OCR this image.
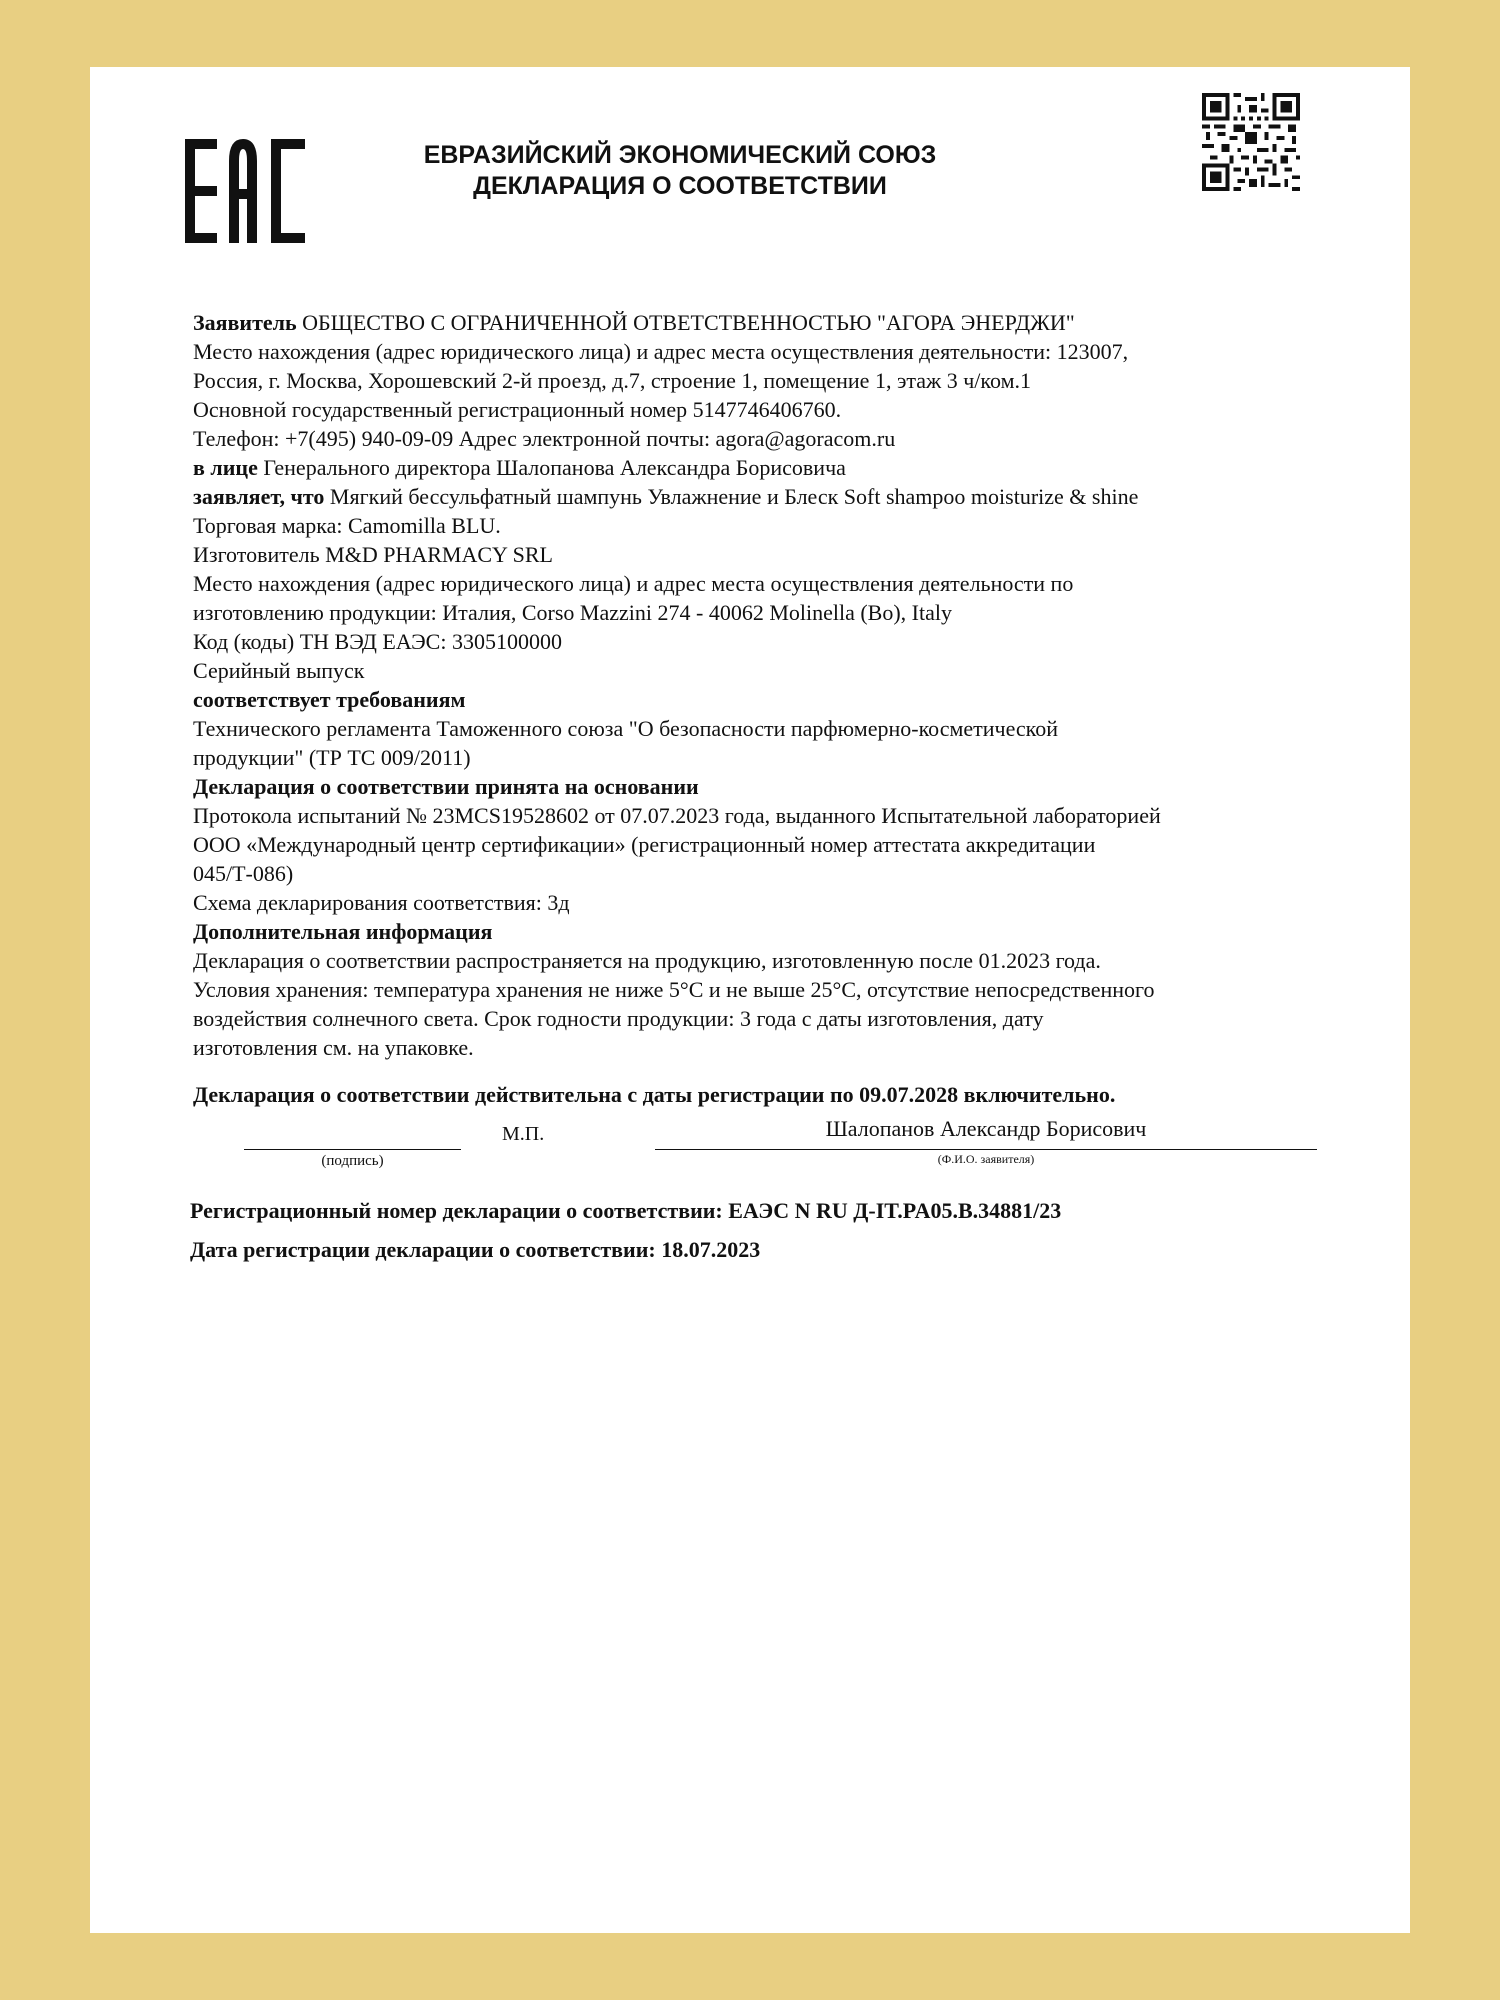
ЕВРАЗИЙСКИЙ ЭКОНОМИЧЕСКИЙ СОЮЗ
ДЕКЛАРАЦИЯ О СООТВЕТСТВИИ
Заявитель ОБЩЕСТВО С ОГРАНИЧЕННОЙ ОТВЕТСТВЕННОСТЬЮ "АГОРА ЭНЕРДЖИ"
Место нахождения (адрес юридического лица) и адрес места осуществления деятельности: 123007,
Россия, г. Москва, Хорошевский 2-й проезд, д.7, строение 1, помещение 1, этаж 3 ч/ком.1
Основной государственный регистрационный номер 5147746406760.
Телефон: +7(495) 940-09-09 Адрес электронной почты: agora@agoracom.ru
в лице Генерального директора Шалопанова Александра Борисовича
заявляет, что Мягкий бессульфатный шампунь Увлажнение и Блеск Soft shampoo moisturize & shine
Торговая марка: Camomilla BLU.
Изготовитель M&D PHARMACY SRL
Место нахождения (адрес юридического лица) и адрес места осуществления деятельности по
изготовлению продукции: Италия, Corso Mazzini 274 - 40062 Molinella (Bo), Italy
Код (коды) ТН ВЭД ЕАЭС: 3305100000
Серийный выпуск
соответствует требованиям
Технического регламента Таможенного союза "О безопасности парфюмерно-косметической
продукции" (ТР ТС 009/2011)
Декларация о соответствии принята на основании
Протокола испытаний № 23MCS19528602 от 07.07.2023 года, выданного Испытательной лабораторией
ООО «Международный центр сертификации» (регистрационный номер аттестата аккредитации
045/Т-086)
Схема декларирования соответствия: 3д
Дополнительная информация
Декларация о соответствии распространяется на продукцию, изготовленную после 01.2023 года.
Условия хранения: температура хранения не ниже 5°С и не выше 25°С, отсутствие непосредственного
воздействия солнечного света. Срок годности продукции: 3 года с даты изготовления, дату
изготовления см. на упаковке.
Декларация о соответствии действительна с даты регистрации по 09.07.2028 включительно.
(подпись)
М.П.	Шалопанов Александр Борисович
(Ф.И.О. заявителя)
Регистрационный номер декларации о соответствии: ЕАЭС N RU Д-IT.PA05.B.34881/23
Дата регистрации декларации о соответствии: 18.07.2023
